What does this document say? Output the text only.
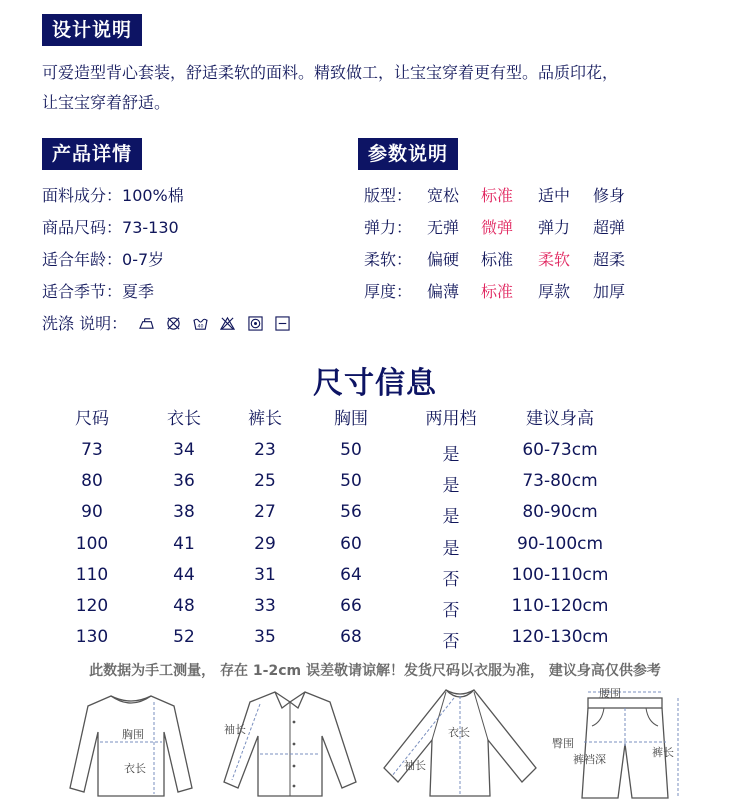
设计说明
可爱造型背心套装，舒适柔软的面料。精致做工，让宝宝穿着更有型。品质印花，
让宝宝穿着舒适。
产品详情	参数说明
面料成分：100%棉
商品尺码：73-130
适合年龄：0-7岁
适合季节：夏季
洗涤 说明：	40

版型： 宽松 标准 适中 修身
弹力： 无弹 微弹 弹力 超弹
柔软： 偏硬 标准 柔软 超柔
厚度： 偏薄 标准 厚款 加厚
尺寸信息
尺码	衣长	裤长	胸围	两用档	建议身高
73	34	23	50	是	60-73cm
80	36	25	50	是	73-80cm
90	38	27	56	是	80-90cm
100	41	29	60	是	90-100cm
110	44	31	64	否	100-110cm
120	48	33	66	否	110-120cm
130	52	35	68	否	120-130cm
此数据为手工测量， 存在 1-2cm 误差敬请谅解！发货尺码以衣服为准， 建议身高仅供参考
胸围
衣长
袖长	衣长
袖长
腰围
臀围
裤裆深
裤长
